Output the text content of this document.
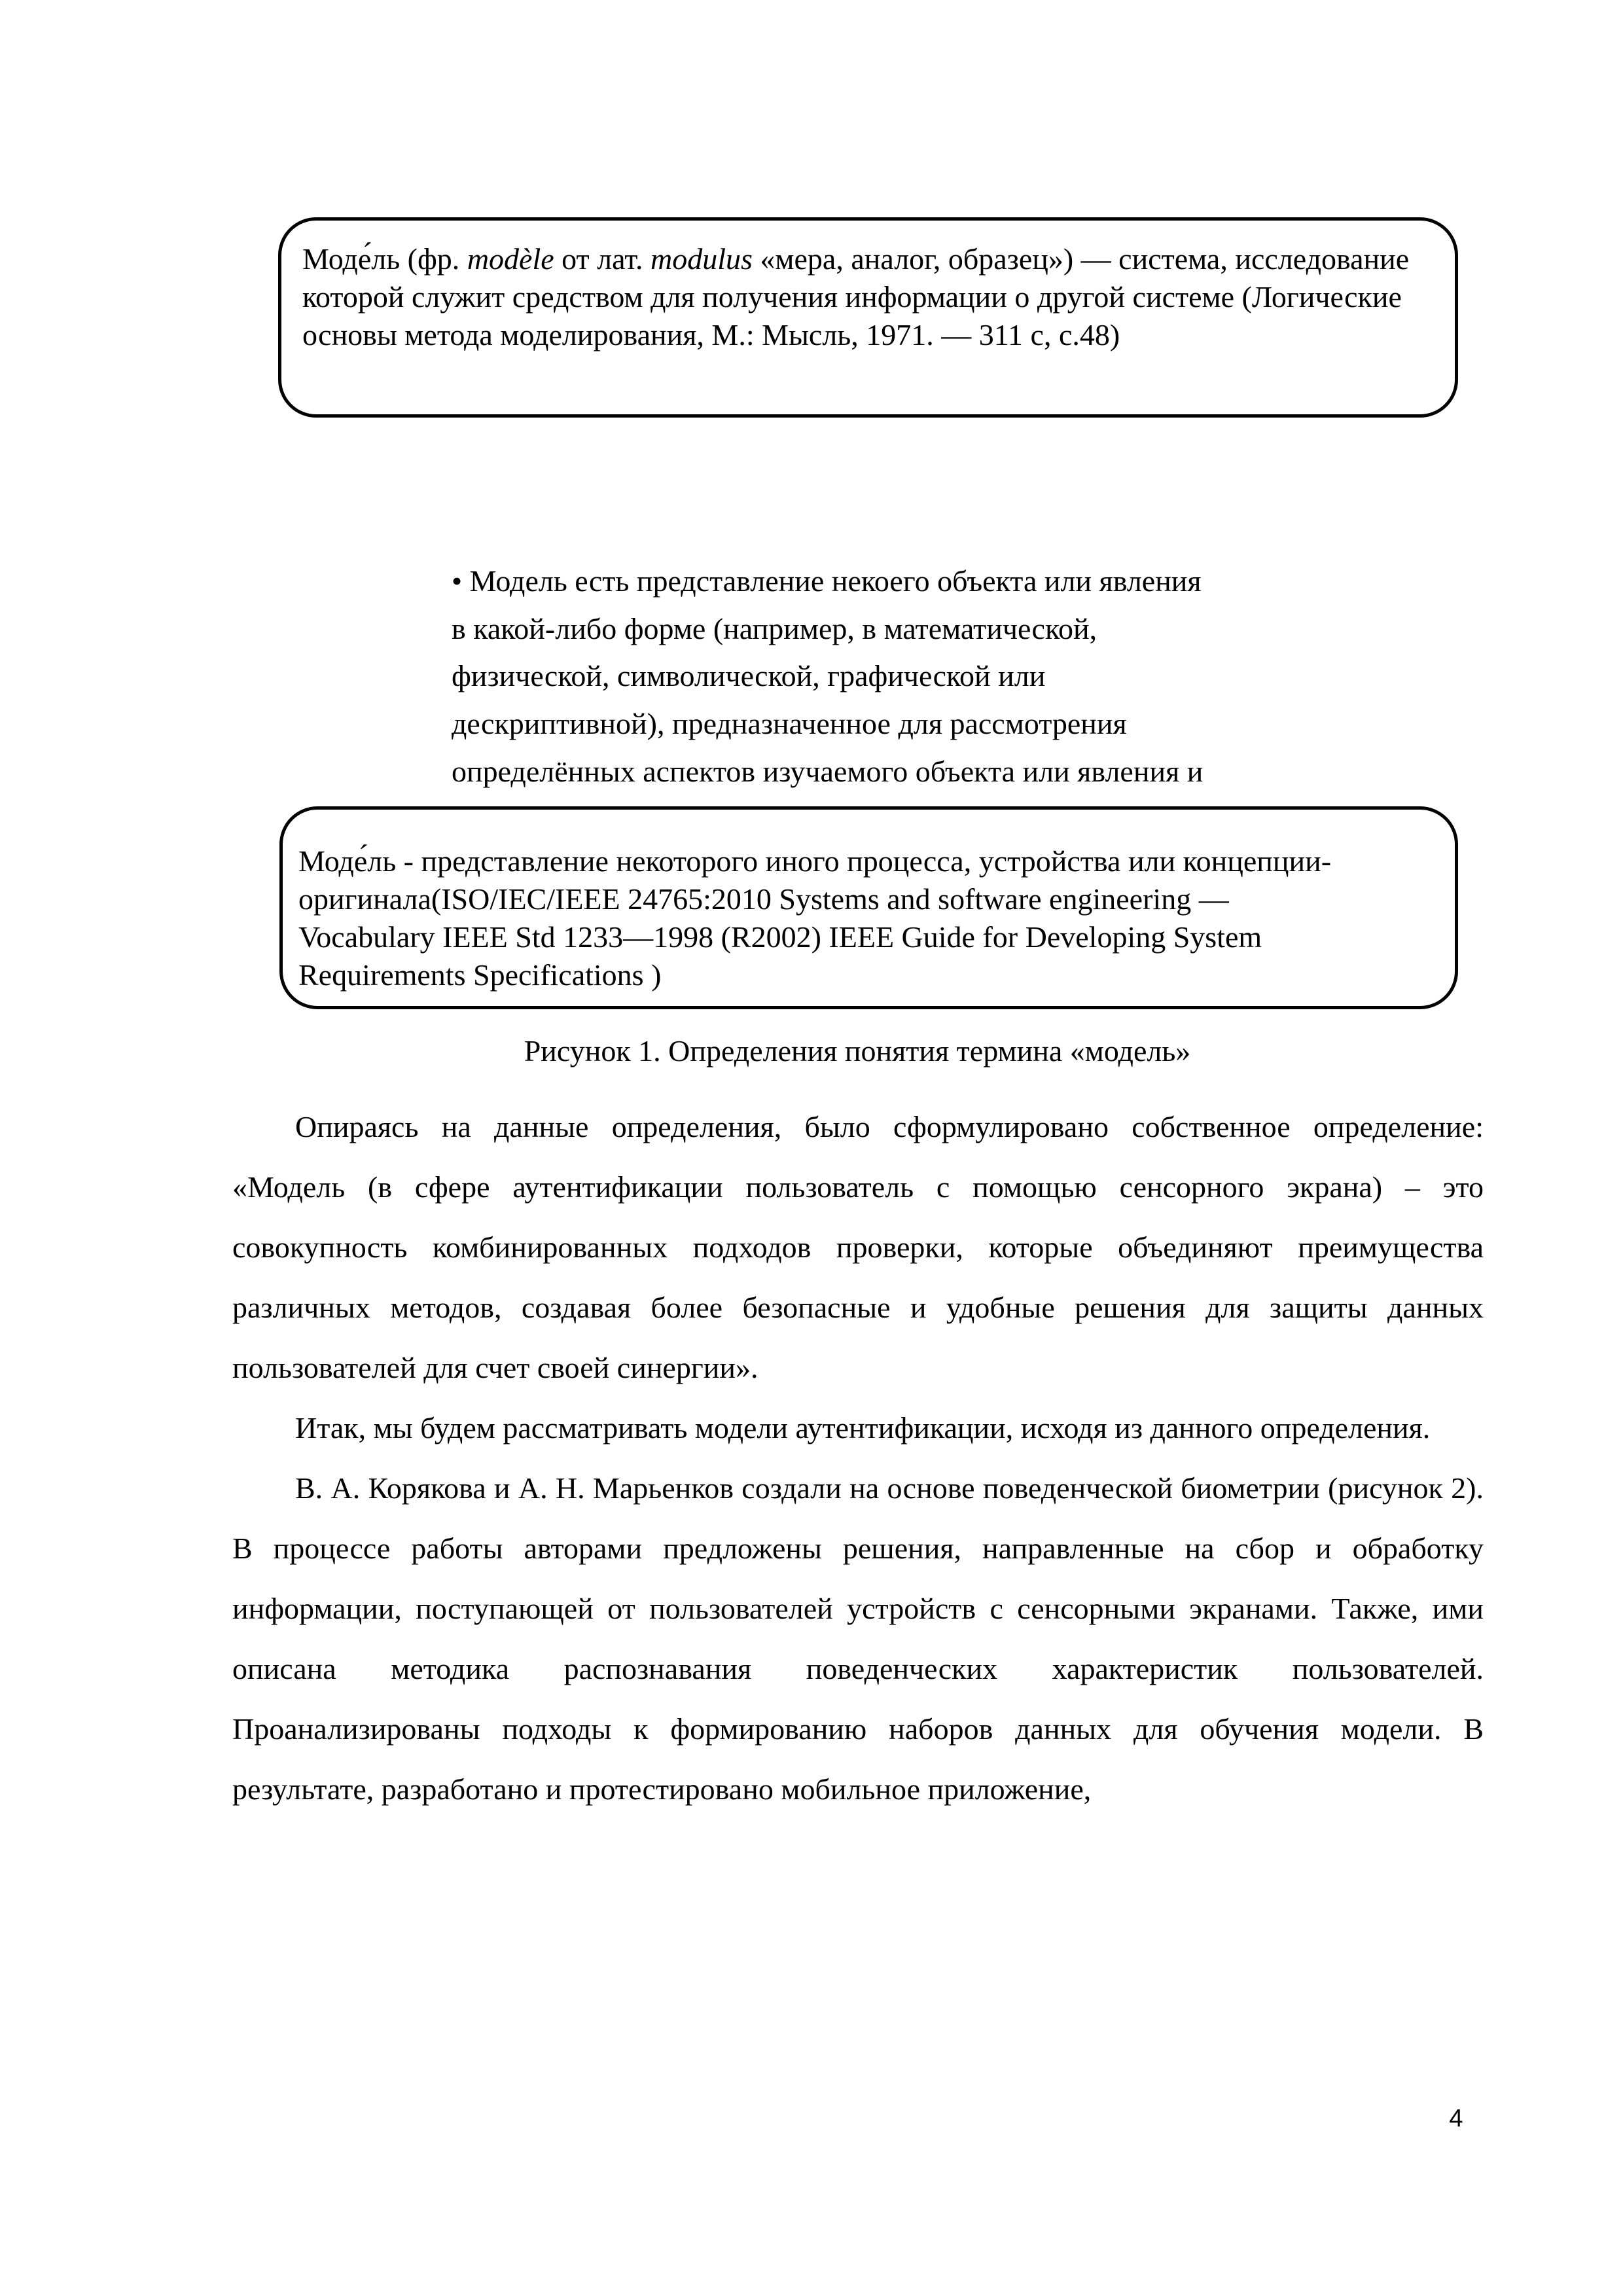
Моде́ль (фр. modèle от лат. modulus «мера, аналог, образец») — система, исследование которой служит средством для получения информации о другой системе (Логические основы метода моделирования, М.: Мысль, 1971. — 311 с, с.48)
• Модель есть представление некоего объекта или явления
в какой-либо форме (например, в математической,
физической, символической, графической или
дескриптивной), предназначенное для рассмотрения
определённых аспектов изучаемого объекта или явления и
Моде́ль - представление некоторого иного процесса, устройства или концепции-
оригинала(ISO/IEC/IEEE 24765:2010 Systems and software engineering —
Vocabulary IEEE Std 1233—1998 (R2002) IEEE Guide for Developing System
Requirements Specifications )
Рисунок 1. Определения понятия термина «модель»

Опираясь на данные определения, было сформулировано собственное определение: «Модель (в сфере аутентификации пользователь с помощью сенсорного экрана) – это совокупность комбинированных подходов проверки, которые объединяют преимущества различных методов, создавая более безопасные и удобные решения для защиты данных пользователей для счет своей синергии».

Итак, мы будем рассматривать модели аутентификации, исходя из данного определения.

В. А. Корякова и А. Н. Марьенков создали на основе поведенческой биометрии (рисунок 2). В процессе работы авторами предложены решения, направленные на сбор и обработку информации, поступающей от пользователей устройств с сенсорными экранами. Также, ими описана методика распознавания поведенческих характеристик пользователей. Проанализированы подходы к формированию наборов данных для обучения модели. В результате, разработано и протестировано мобильное приложение,

4
